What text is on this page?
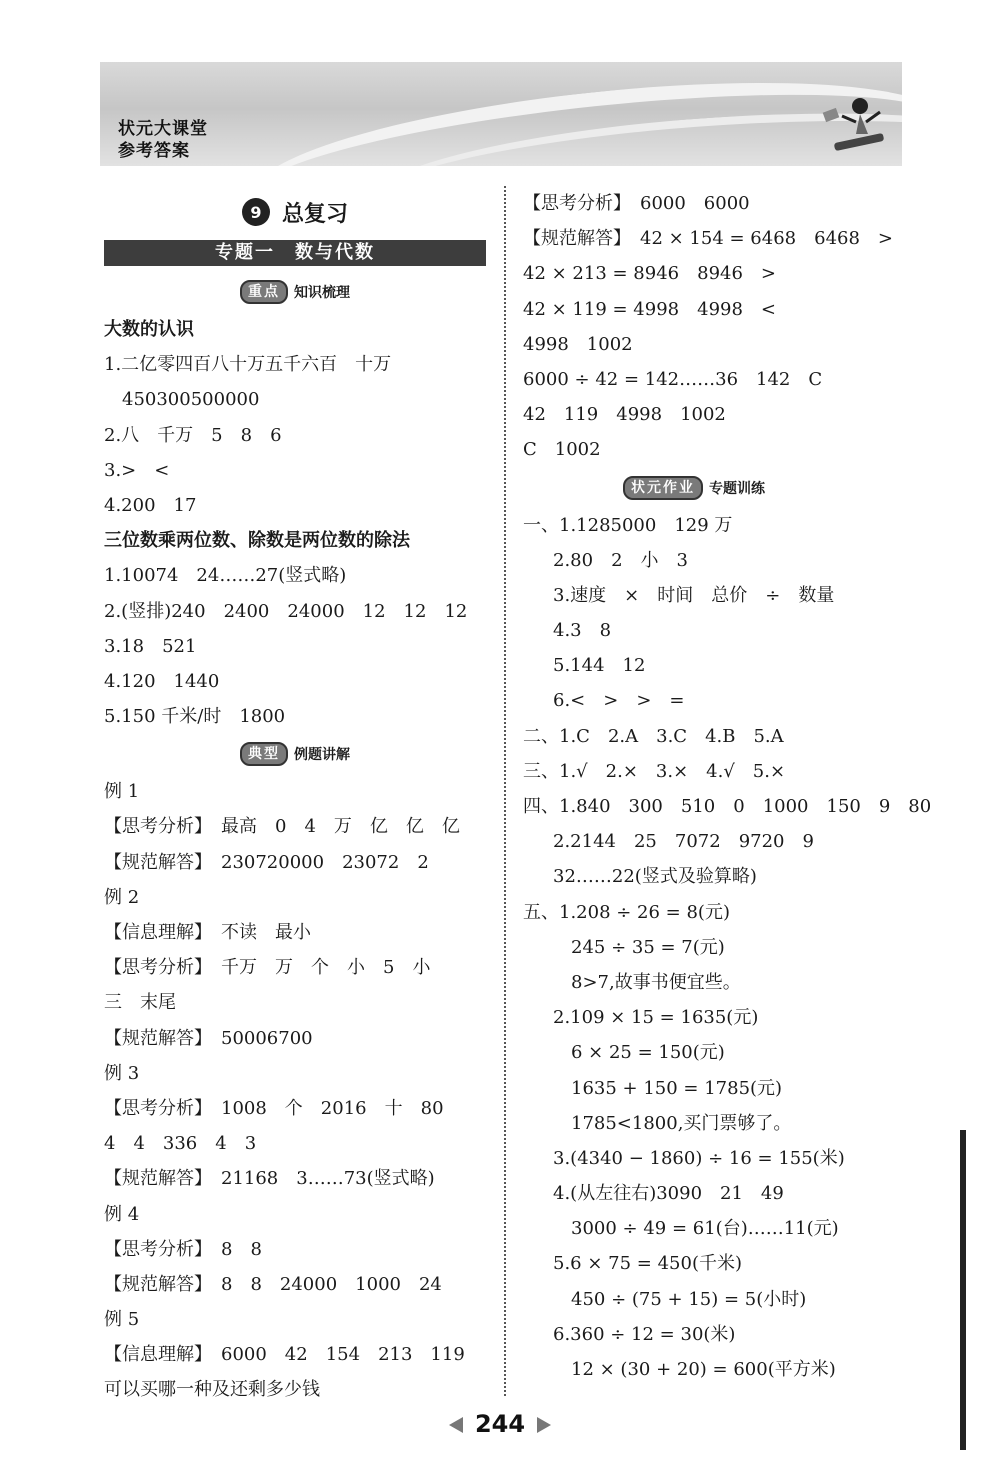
状元大课堂
参考答案
9 总复习
专题一　数与代数
重点	知识梳理
大数的认识
1.二亿零四百八十万五千六百　十万
450300500000
2.八　千万　5　8　6
3.>　<
4.200　17
三位数乘两位数、除数是两位数的除法
1.10074　24……27(竖式略)
2.(竖排)240　2400　24000　12　12　12
3.18　521
4.120　1440
5.150 千米/时　1800
典型	例题讲解
例 1
【思考分析】　最高　0　4　万　亿　亿　亿
【规范解答】　230720000　23072　2
例 2
【信息理解】　不读　最小
【思考分析】　千万　万　个　小　5　小
三　末尾
【规范解答】　50006700
例 3
【思考分析】　1008　个　2016　十　80
4　4　336　4　3
【规范解答】　21168　3……73(竖式略)
例 4
【思考分析】　8　8
【规范解答】　8　8　24000　1000　24
例 5
【信息理解】　6000　42　154　213　119
可以买哪一种及还剩多少钱
【思考分析】　6000　6000
【规范解答】　42 × 154 = 6468　6468　>
42 × 213 = 8946　8946　>
42 × 119 = 4998　4998　<
4998　1002
6000 ÷ 42 = 142……36　142　C
42　119　4998　1002
C　1002
状元作业	专题训练
一、1.1285000　129 万
2.80　2　小　3
3.速度　×　时间　总价　÷　数量
4.3　8
5.144　12
6.<　>　>　=
二、1.C　2.A　3.C　4.B　5.A
三、1.√　2.×　3.×　4.√　5.×
四、1.840　300　510　0　1000　150　9　80
2.2144　25　7072　9720　9
32……22(竖式及验算略)
五、1.208 ÷ 26 = 8(元)
245 ÷ 35 = 7(元)
8>7,故事书便宜些。
2.109 × 15 = 1635(元)
6 × 25 = 150(元)
1635 + 150 = 1785(元)
1785<1800,买门票够了。
3.(4340 − 1860) ÷ 16 = 155(米)
4.(从左往右)3090　21　49
3000 ÷ 49 = 61(台)……11(元)
5.6 × 75 = 450(千米)
450 ÷ (75 + 15) = 5(小时)
6.360 ÷ 12 = 30(米)
12 × (30 + 20) = 600(平方米)
244
